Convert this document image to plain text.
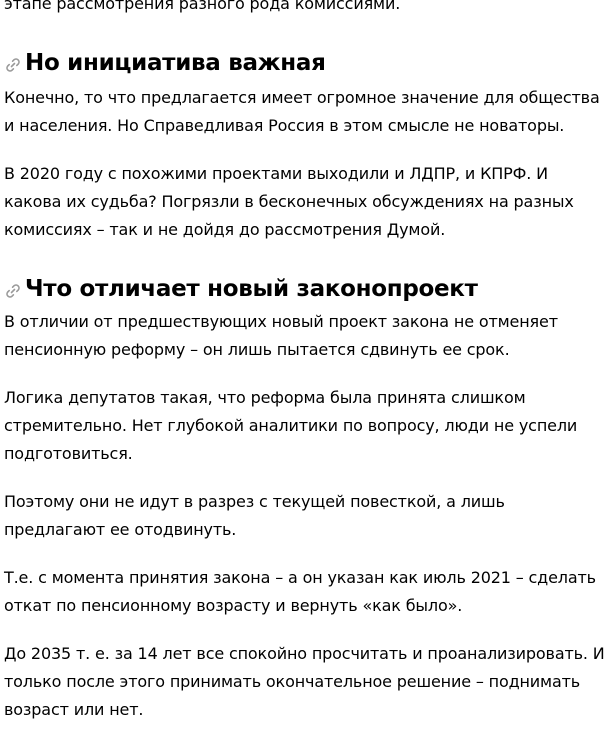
этапе рассмотрения разного рода комиссиями.

Но инициатива важная

Конечно, то что предлагается имеет огромное значение для общества и населения. Но Справедливая Россия в этом смысле не новаторы.

В 2020 году с похожими проектами выходили и ЛДПР, и КПРФ. И какова их судьба? Погрязли в бесконечных обсуждениях на разных комиссиях – так и не дойдя до рассмотрения Думой.

Что отличает новый законопроект

В отличии от предшествующих новый проект закона не отменяет пенсионную реформу – он лишь пытается сдвинуть ее срок.

Логика депутатов такая, что реформа была принята слишком стремительно. Нет глубокой аналитики по вопросу, люди не успели подготовиться.

Поэтому они не идут в разрез с текущей повесткой, а лишь предлагают ее отодвинуть.

Т.е. с момента принятия закона – а он указан как июль 2021 – сделать откат по пенсионному возрасту и вернуть «как было».

До 2035 т. е. за 14 лет все спокойно просчитать и проанализировать. И только после этого принимать окончательное решение – поднимать возраст или нет.
